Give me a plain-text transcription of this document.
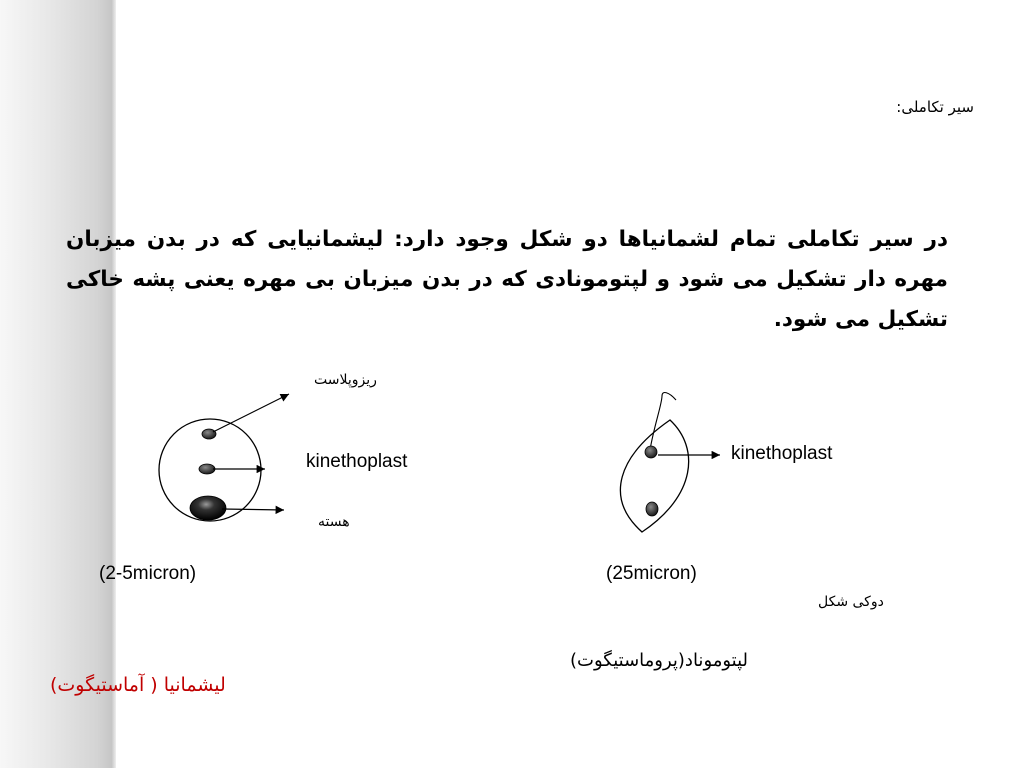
سیر تکاملی:
در سیر تکاملی تمام لشمانیاها دو شکل وجود دارد: لیشمانیایی که در بدن میزبان مهره دار تشکیل می شود و لپتومونادی که در بدن میزبان بی مهره یعنی پشه خاکی تشکیل می شود.
ریزوپلاست
kinethoplast
هسته
(2-5micron)
لیشمانیا ( آماستیگوت)
kinethoplast
(25micron)
دوکی شکل
لپتوموناد(پروماستیگوت)
